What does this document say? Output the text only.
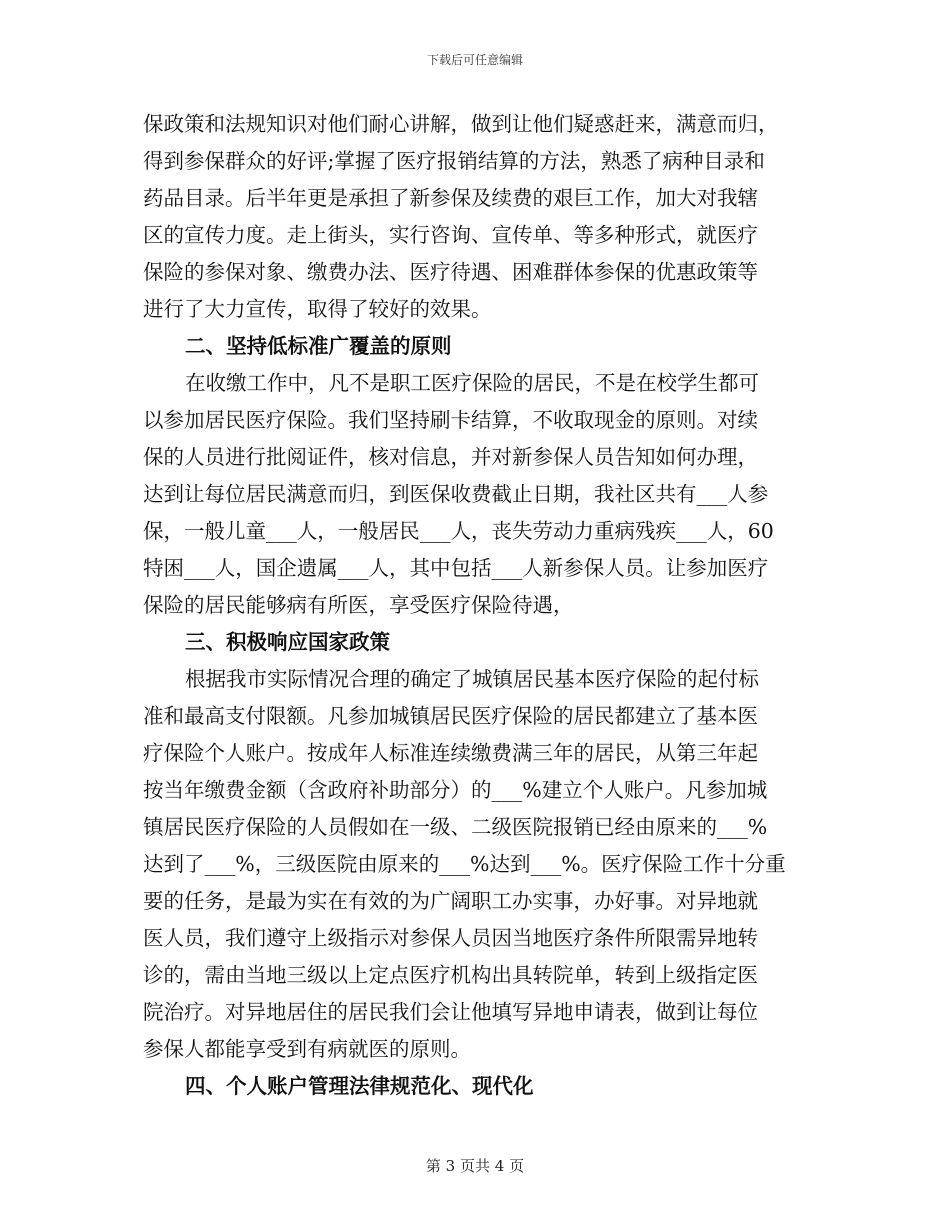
下载后可任意编辑
保政策和法规知识对他们耐心讲解，做到让他们疑惑赶来，满意而归，
得到参保群众的好评;掌握了医疗报销结算的方法，熟悉了病种目录和
药品目录。后半年更是承担了新参保及续费的艰巨工作，加大对我辖
区的宣传力度。走上街头，实行咨询、宣传单、等多种形式，就医疗
保险的参保对象、缴费办法、医疗待遇、困难群体参保的优惠政策等
进行了大力宣传，取得了较好的效果。
二、坚持低标准广覆盖的原则
在收缴工作中，凡不是职工医疗保险的居民，不是在校学生都可
以参加居民医疗保险。我们坚持刷卡结算，不收取现金的原则。对续
保的人员进行批阅证件，核对信息，并对新参保人员告知如何办理，
达到让每位居民满意而归，到医保收费截止日期，我社区共有___人参
保，一般儿童___人，一般居民___人，丧失劳动力重病残疾___人，60
特困___人，国企遗属___人，其中包括___人新参保人员。让参加医疗
保险的居民能够病有所医，享受医疗保险待遇，
三、积极响应国家政策
根据我市实际情况合理的确定了城镇居民基本医疗保险的起付标
准和最高支付限额。凡参加城镇居民医疗保险的居民都建立了基本医
疗保险个人账户。按成年人标准连续缴费满三年的居民，从第三年起
按当年缴费金额（含政府补助部分）的___%建立个人账户。凡参加城
镇居民医疗保险的人员假如在一级、二级医院报销已经由原来的___%
达到了___%，三级医院由原来的___%达到___%。医疗保险工作十分重
要的任务，是最为实在有效的为广阔职工办实事，办好事。对异地就
医人员，我们遵守上级指示对参保人员因当地医疗条件所限需异地转
诊的，需由当地三级以上定点医疗机构出具转院单，转到上级指定医
院治疗。对异地居住的居民我们会让他填写异地申请表，做到让每位
参保人都能享受到有病就医的原则。
四、个人账户管理法律规范化、现代化
第 3 页共 4 页
